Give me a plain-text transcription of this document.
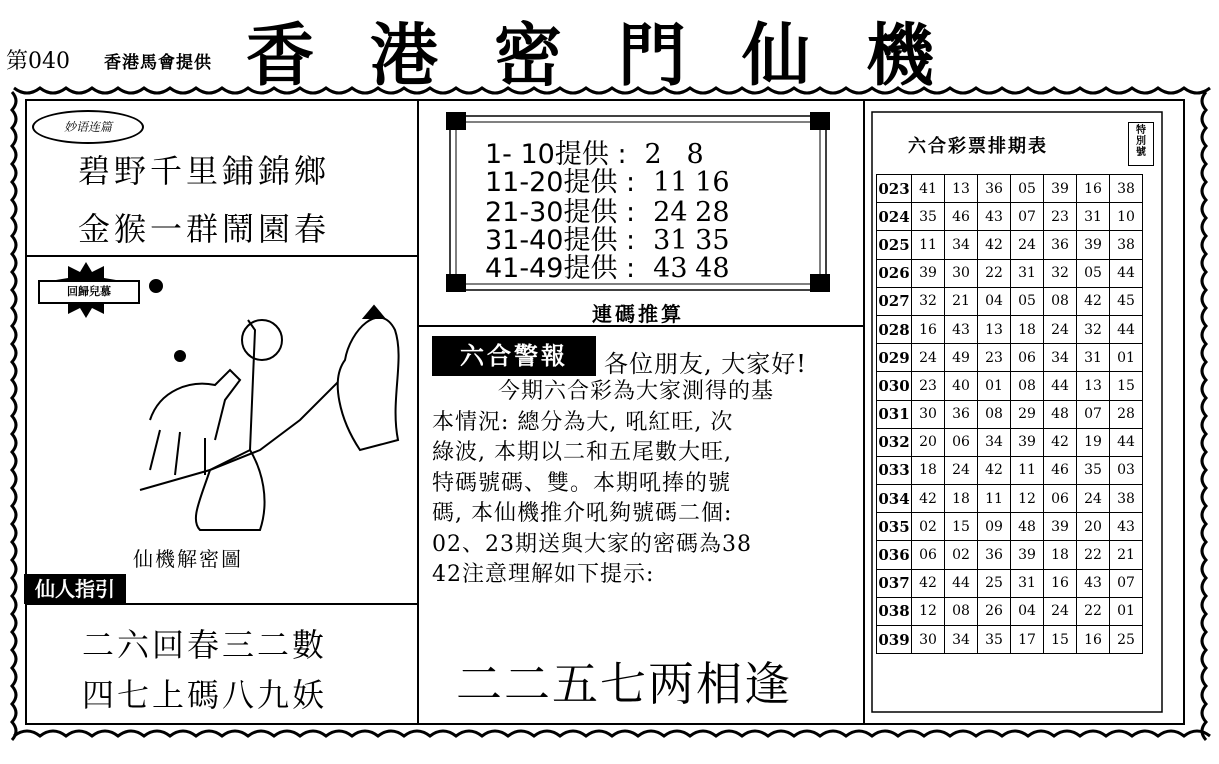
第040 香港馬會提供 香港密門仙機
妙语连篇
碧野千里鋪錦鄉
金猴一群鬧園春
回歸兒慕
仙機解密圖
仙人指引
二六回春三二數
四七上碼八九妖
1- 10提供 : 2 8
11-20提供 : 11 16
21-30提供 : 24 28
31-40提供 : 31 35
41-49提供 : 43 48
連碼推算
六合警報	各位朋友, 大家好!

今期六合彩為大家測得的基

本情況: 總分為大, 吼紅旺, 次

綠波, 本期以二和五尾數大旺,

特碼號碼、雙。本期吼捧的號

碼, 本仙機推介吼夠號碼二個:

02、23期送與大家的密碼為38

42注意理解如下提示:

二二五七两相逢
六合彩票排期表
特
別
號
023	41	13	36	05	39	16	38
024	35	46	43	07	23	31	10
025	11	34	42	24	36	39	38
026	39	30	22	31	32	05	44
027	32	21	04	05	08	42	45
028	16	43	13	18	24	32	44
029	24	49	23	06	34	31	01
030	23	40	01	08	44	13	15
031	30	36	08	29	48	07	28
032	20	06	34	39	42	19	44
033	18	24	42	11	46	35	03
034	42	18	11	12	06	24	38
035	02	15	09	48	39	20	43
036	06	02	36	39	18	22	21
037	42	44	25	31	16	43	07
038	12	08	26	04	24	22	01
039	30	34	35	17	15	16	25
